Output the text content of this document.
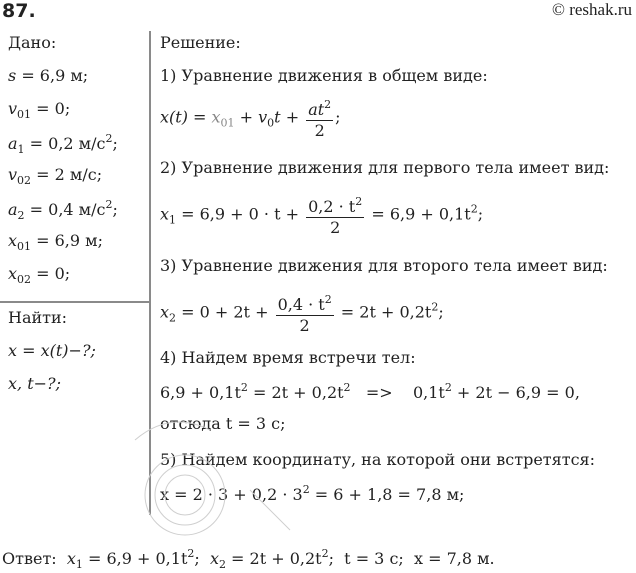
87.	© reshak.ru
Дано:
s = 6,9 м;
$v_{01} = 0$;
$a_1 = 0,2$ $м/с^2$;
$v_{02} = 2$ м/с;
$a_2 = 0,4$ $м/с^2$;
$x_{01} = 6,9$ м;
$x_{02} = 0$;
Найти:
x = x(t)−?;
x, t−?;
Решение:
1) Уравнение движения в общем виде:
$x(t) = x_{01} + v_0t + \frac{at^2}{2}$ ;
2) Уравнение движения для первого тела имеет вид:
$x_1 = 6,9 + 0 \cdot t + \frac{0,2 \cdot t^2}{2} = 6,9 + 0,1t^2$;
3) Уравнение движения для второго тела имеет вид:
$x_2 = 0 + 2t + \frac{0,4 \cdot t^2}{2} = 2t + 0,2t^2$;
4) Найдем время встречи тел:
$6,9 + 0,1t^2 = 2t + 0,2t^2 => 0,1t^2 + 2t - 6,9 = 0$,
отсюда t = 3 с;
5) Найдем координату, на которой они встретятся:
$x = 2 \cdot 3 + 0,2 \cdot 3^2 = 6 + 1,8 = 7,8$ м;
Ответ: $x_1 = 6,9 + 0,1t^2$;  $x_2 = 2t + 0,2t^2$;  t = 3 с; x = 7,8 м.
